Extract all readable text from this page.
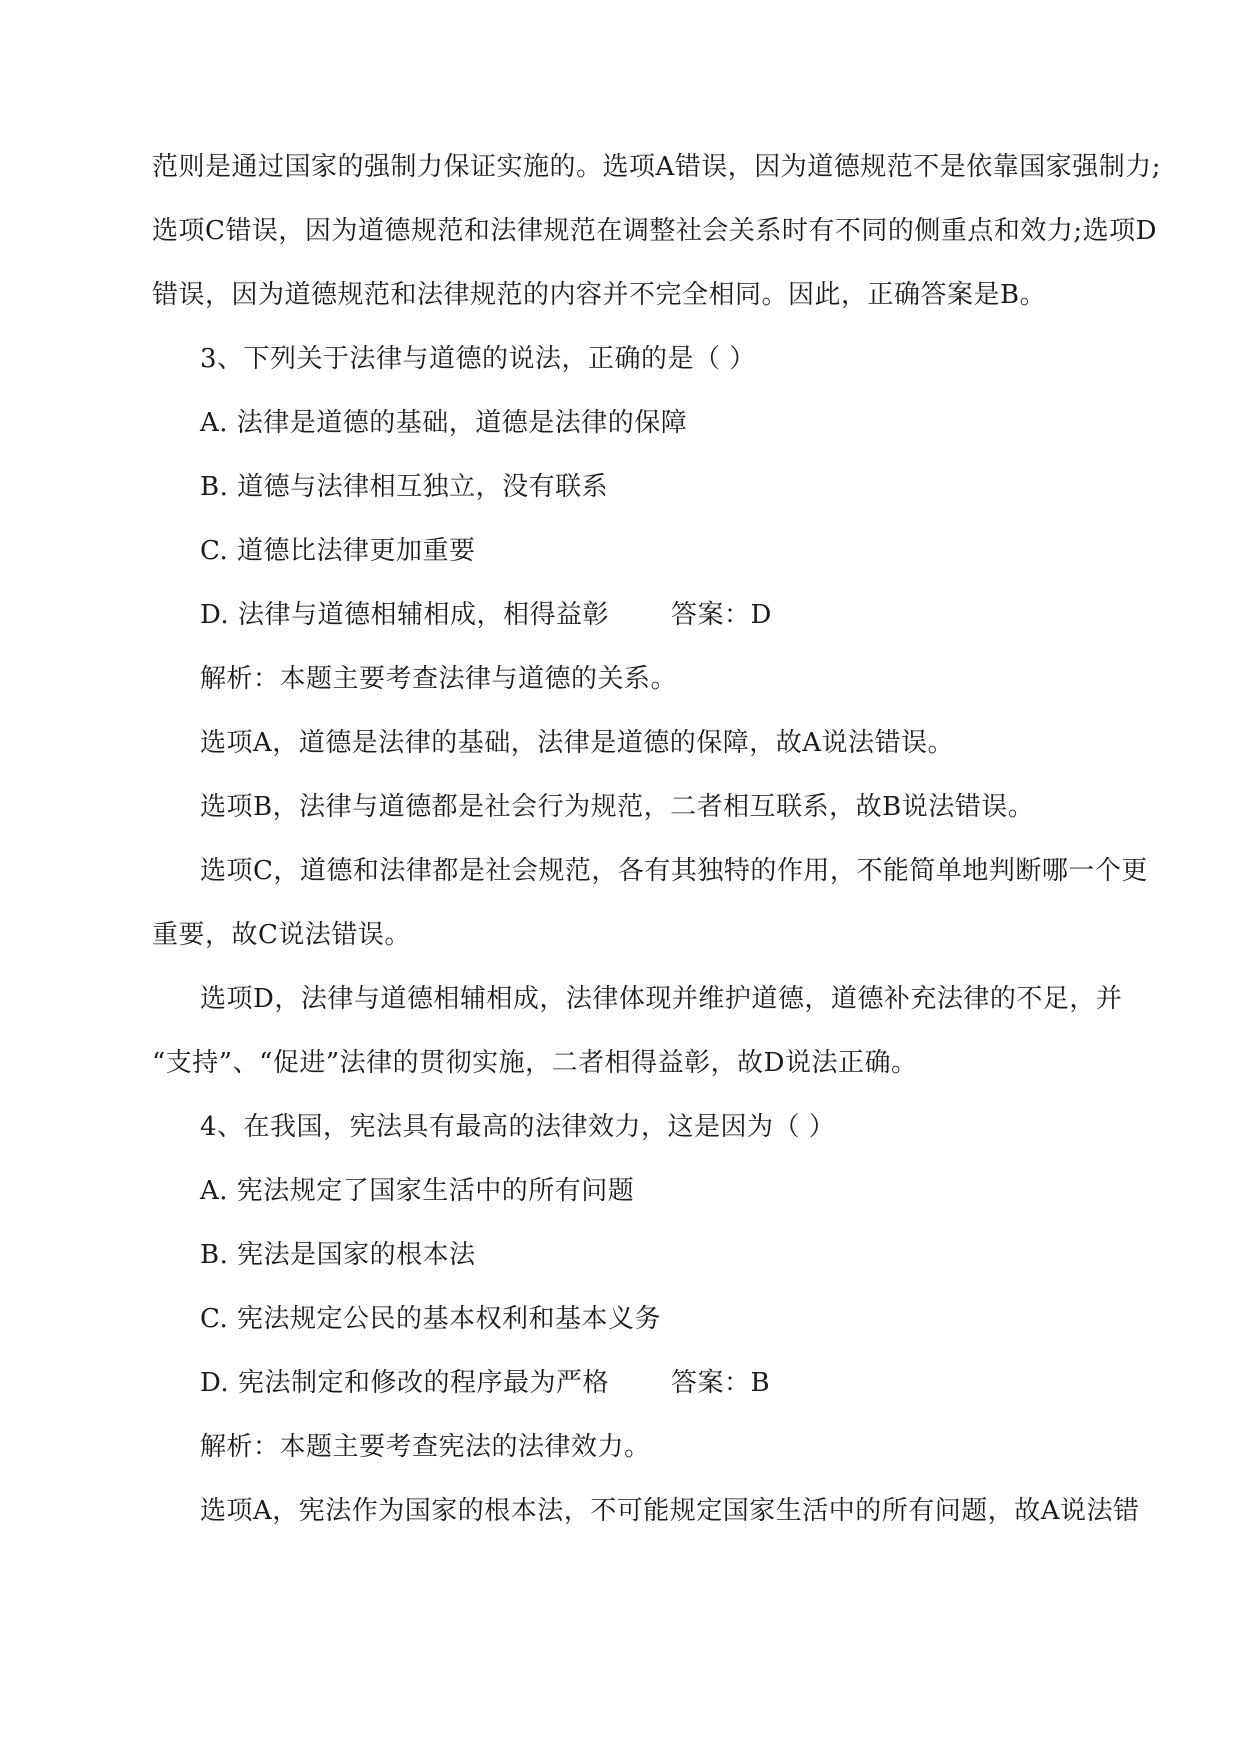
范则是通过国家的强制力保证实施的。选项A错误，因为道德规范不是依靠国家强制力;
选项C错误，因为道德规范和法律规范在调整社会关系时有不同的侧重点和效力;选项D
错误，因为道德规范和法律规范的内容并不完全相同。因此，正确答案是B。
3、下列关于法律与道德的说法，正确的是（ ）
A. 法律是道德的基础，道德是法律的保障
B. 道德与法律相互独立，没有联系
C. 道德比法律更加重要
D. 法律与道德相辅相成，相得益彰 答案：D
解析：本题主要考查法律与道德的关系。
选项A，道德是法律的基础，法律是道德的保障，故A说法错误。
选项B，法律与道德都是社会行为规范，二者相互联系，故B说法错误。
选项C，道德和法律都是社会规范，各有其独特的作用，不能简单地判断哪一个更
重要，故C说法错误。
选项D，法律与道德相辅相成，法律体现并维护道德，道德补充法律的不足，并
“支持”、“促进”法律的贯彻实施，二者相得益彰，故D说法正确。
4、在我国，宪法具有最高的法律效力，这是因为（ ）
A. 宪法规定了国家生活中的所有问题
B. 宪法是国家的根本法
C. 宪法规定公民的基本权利和基本义务
D. 宪法制定和修改的程序最为严格 答案：B
解析：本题主要考查宪法的法律效力。
选项A，宪法作为国家的根本法，不可能规定国家生活中的所有问题，故A说法错
